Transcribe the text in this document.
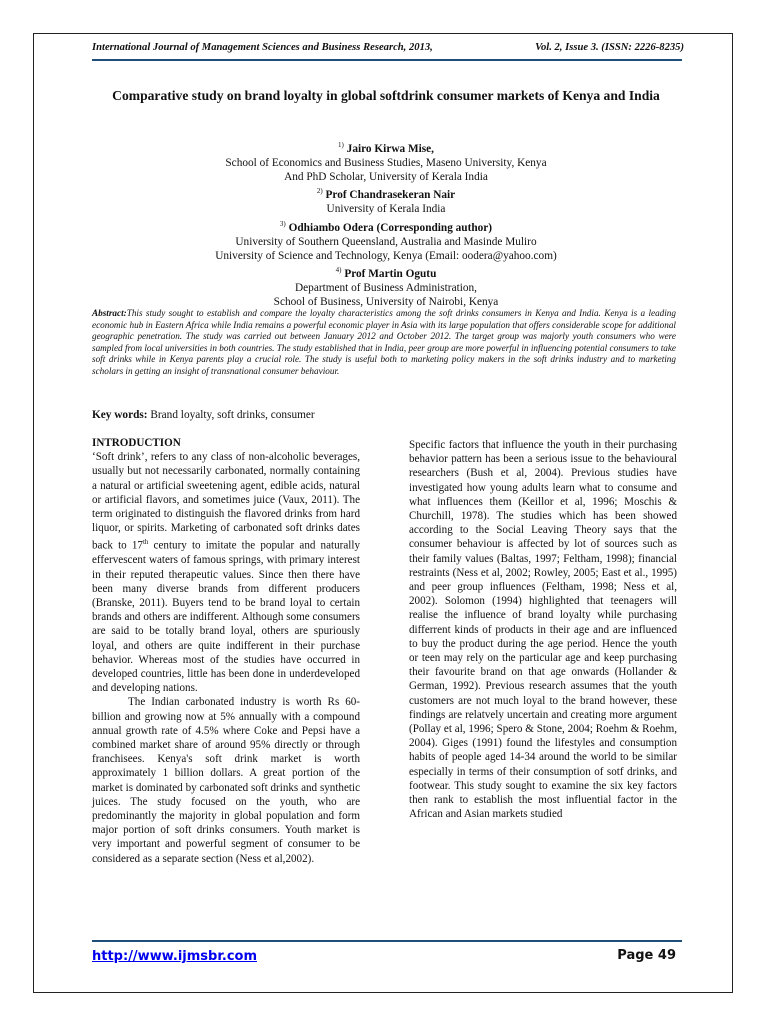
International Journal of Management Sciences and Business Research, 2013,	Vol. 2, Issue 3. (ISSN: 2226-8235)
Comparative study on brand loyalty in global softdrink consumer markets of Kenya and India
$^{1)}$ Jairo Kirwa Mise,
School of Economics and Business Studies, Maseno University, Kenya
And PhD Scholar, University of Kerala India
$^{2)}$ Prof Chandrasekeran Nair
University of Kerala India
$^{3)}$ Odhiambo Odera (Corresponding author)
University of Southern Queensland, Australia and Masinde Muliro
University of Science and Technology, Kenya (Email: oodera@yahoo.com)
$^{4)}$ Prof Martin Ogutu
Department of Business Administration,
School of Business, University of Nairobi, Kenya
Abstract:This study sought to establish and compare the loyalty characteristics among the soft drinks consumers in Kenya and India. Kenya is a leading economic hub in Eastern Africa while India remains a powerful economic player in Asia with its large population that offers considerable scope for additional geographic penetration. The study was carried out between January 2012 and October 2012. The target group was majorly youth consumers who were sampled from local universities in both countries. The study established that in India, peer group are more powerful in influencing potential consumers to take soft drinks while in Kenya parents play a crucial role. The study is useful both to marketing policy makers in the soft drinks industry and to marketing scholars in getting an insight of transnational consumer behaviour.
Key words: Brand loyalty, soft drinks, consumer

INTRODUCTION

‘Soft drink’, refers to any class of non-alcoholic beverages, usually but not necessarily carbonated, normally containing a natural or artificial sweetening agent, edible acids, natural or artificial flavors, and sometimes juice (Vaux, 2011). The term originated to distinguish the flavored drinks from hard liquor, or spirits. Marketing of carbonated soft drinks dates back to 17th century to imitate the popular and naturally effervescent waters of famous springs, with primary interest in their reputed therapeutic values. Since then there have been many diverse brands from different producers (Branske, 2011). Buyers tend to be brand loyal to certain brands and others are indifferent. Although some consumers are said to be totally brand loyal, others are spuriously loyal, and others are quite indifferent in their purchase behavior. Whereas most of the studies have occurred in developed countries, little has been done in underdeveloped and developing nations.

The Indian carbonated industry is worth Rs 60-billion and growing now at 5% annually with a compound annual growth rate of 4.5% where Coke and Pepsi have a combined market share of around 95% directly or through franchisees. Kenya's soft drink market is worth approximately 1 billion dollars. A great portion of the market is dominated by carbonated soft drinks and synthetic juices. The study focused on the youth, who are predominantly the majority in global population and form major portion of soft drinks consumers. Youth market is very important and powerful segment of consumer to be considered as a separate section (Ness et al,2002).

Specific factors that influence the youth in their purchasing behavior pattern has been a serious issue to the behavioural researchers (Bush et al, 2004). Previous studies have investigated how young adults learn what to consume and what influences them (Keillor et al, 1996; Moschis & Churchill, 1978). The studies which has been showed according to the Social Leaving Theory says that the consumer behaviour is affected by lot of sources such as their family values (Baltas, 1997; Feltham, 1998); financial restraints (Ness et al, 2002; Rowley, 2005; East et al., 1995) and peer group influences (Feltham, 1998; Ness et al, 2002). Solomon (1994) highlighted that teenagers will realise the influence of brand loyalty while purchasing differrent kinds of products in their age and are influenced to buy the product during the age period. Hence the youth or teen may rely on the particular age and keep purchasing their favourite brand on that age onwards (Hollander & German, 1992). Previous research assumes that the youth customers are not much loyal to the brand however, these findings are relatvely uncertain and creating more argument (Pollay et al, 1996; Spero & Stone, 2004; Roehm & Roehm, 2004). Giges (1991) found the lifestyles and consumption habits of people aged 14-34 around the world to be similar especially in terms of their consumption of sotf drinks, and footwear. This study sought to examine the six key factors then rank to establish the most influential factor in the African and Asian markets studied

http://www.ijmsbr.com	Page 49
